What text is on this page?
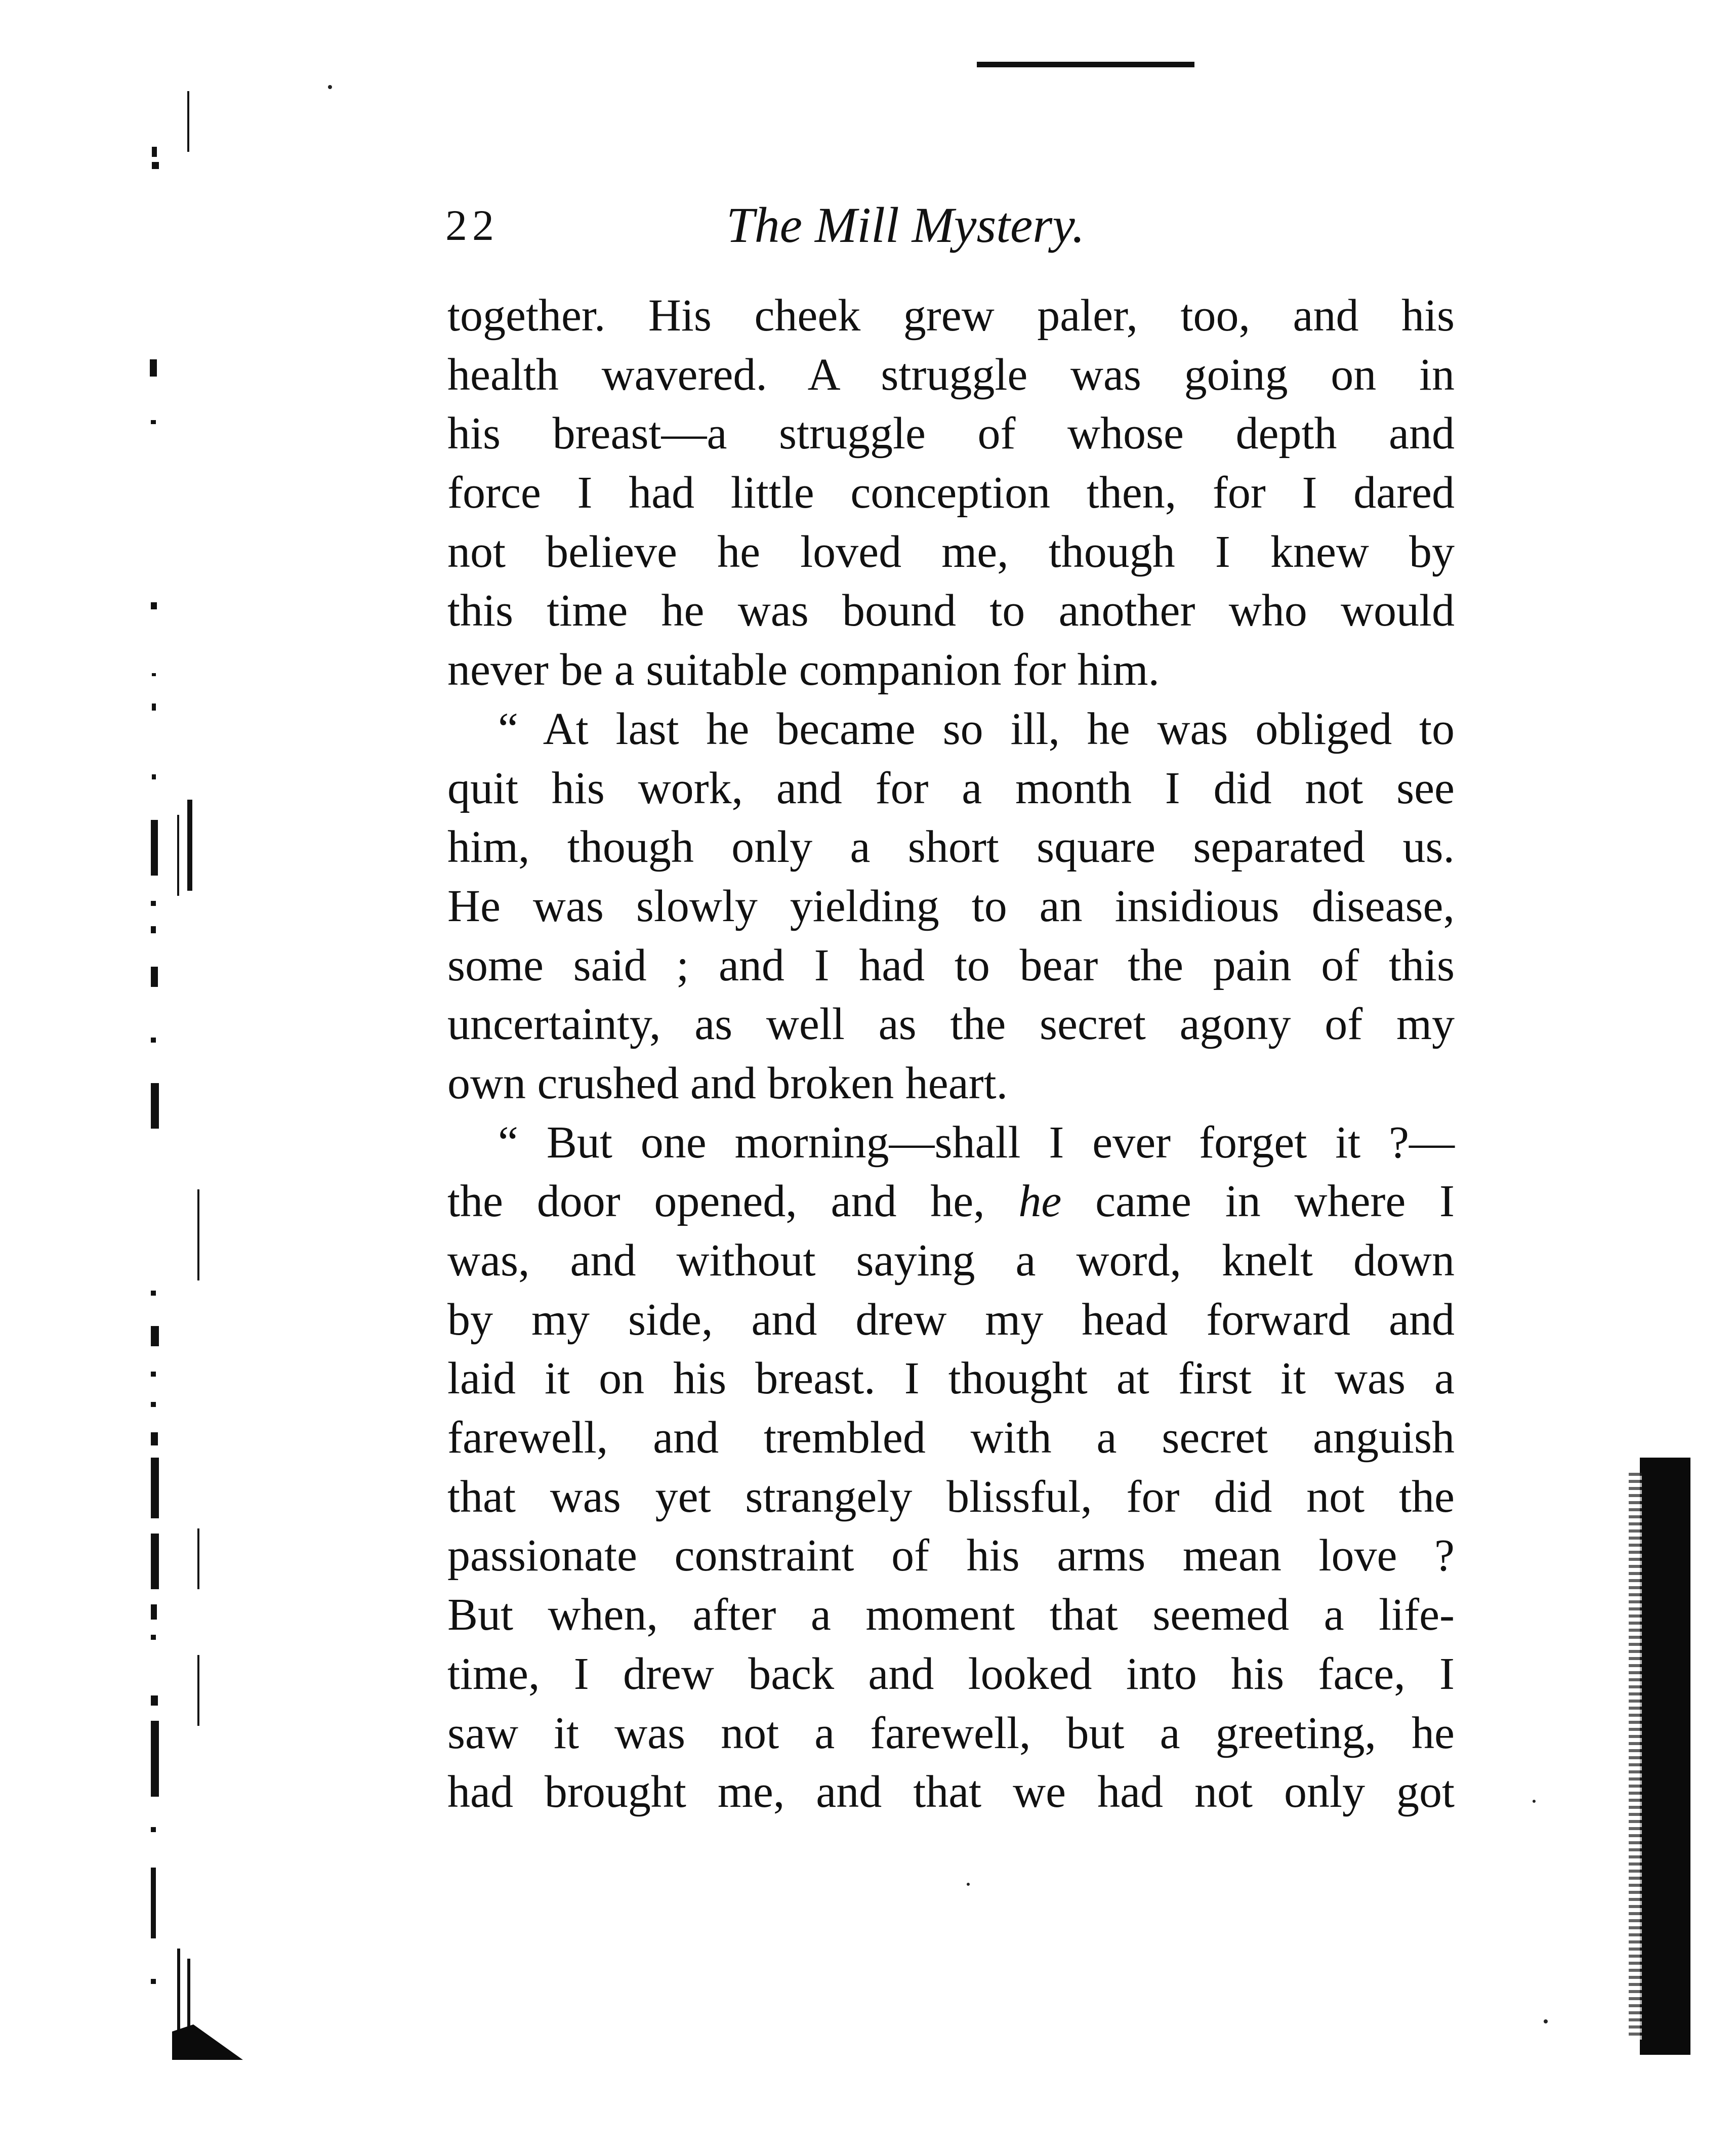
22	The Mill Mystery.
together. His cheek grew paler, too, and his
health wavered. A struggle was going on in
his breast—a struggle of whose depth and
force I had little conception then, for I dared
not believe he loved me, though I knew by
this time he was bound to another who would
never be a suitable companion for him.
“ At last he became so ill, he was obliged to
quit his work, and for a month I did not see
him, though only a short square separated us.
He was slowly yielding to an insidious disease,
some said ; and I had to bear the pain of this
uncertainty, as well as the secret agony of my
own crushed and broken heart.
“ But one morning—shall I ever forget it ?—
the door opened, and he, he came in where I
was, and without saying a word, knelt down
by my side, and drew my head forward and
laid it on his breast. I thought at first it was a
farewell, and trembled with a secret anguish
that was yet strangely blissful, for did not the
passionate constraint of his arms mean love ?
But when, after a moment that seemed a life-
time, I drew back and looked into his face, I
saw it was not a farewell, but a greeting, he
had brought me, and that we had not only got
